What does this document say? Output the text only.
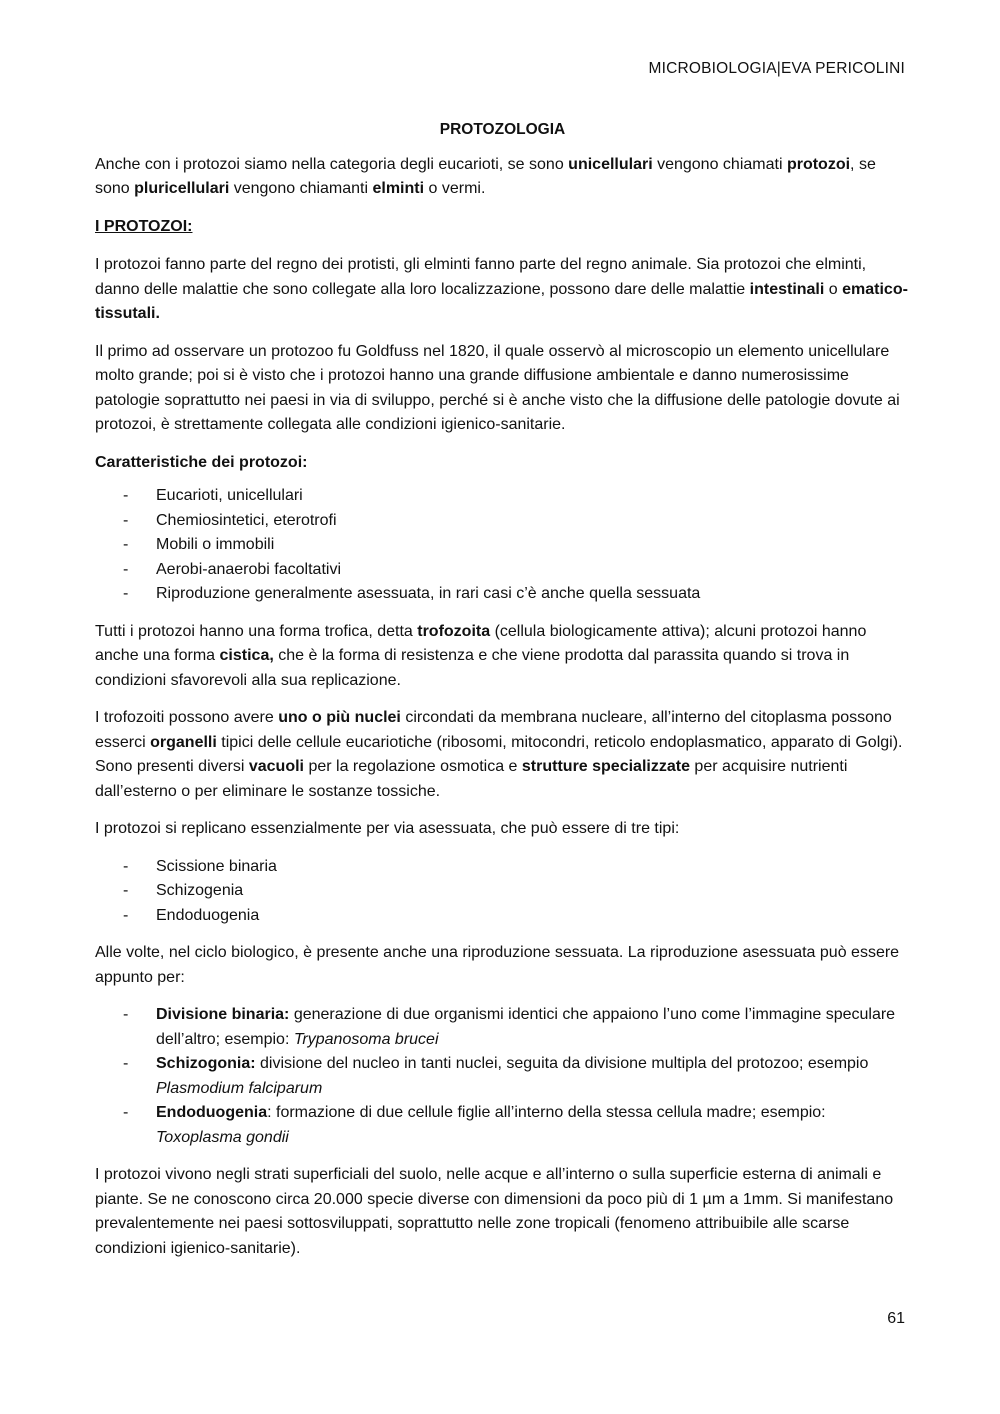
MICROBIOLOGIA|EVA PERICOLINI
PROTOZOLOGIA

Anche con i protozoi siamo nella categoria degli eucarioti, se sono unicellulari vengono chiamati protozoi, se sono pluricellulari vengono chiamanti elminti o vermi.

I PROTOZOI:

I protozoi fanno parte del regno dei protisti, gli elminti fanno parte del regno animale. Sia protozoi che elminti, danno delle malattie che sono collegate alla loro localizzazione, possono dare delle malattie intestinali o ematico-tissutali.

Il primo ad osservare un protozoo fu Goldfuss nel 1820, il quale osservò al microscopio un elemento unicellulare molto grande; poi si è visto che i protozoi hanno una grande diffusione ambientale e danno numerosissime patologie soprattutto nei paesi in via di sviluppo, perché si è anche visto che la diffusione delle patologie dovute ai protozoi, è strettamente collegata alle condizioni igienico-sanitarie.

Caratteristiche dei protozoi:
- Eucarioti, unicellulari
- Chemiosintetici, eterotrofi
- Mobili o immobili
- Aerobi-anaerobi facoltativi
- Riproduzione generalmente asessuata, in rari casi c’è anche quella sessuata

Tutti i protozoi hanno una forma trofica, detta trofozoita (cellula biologicamente attiva); alcuni protozoi hanno anche una forma cistica, che è la forma di resistenza e che viene prodotta dal parassita quando si trova in condizioni sfavorevoli alla sua replicazione.

I trofozoiti possono avere uno o più nuclei circondati da membrana nucleare, all’interno del citoplasma possono esserci organelli tipici delle cellule eucariotiche (ribosomi, mitocondri, reticolo endoplasmatico, apparato di Golgi). Sono presenti diversi vacuoli per la regolazione osmotica e strutture specializzate per acquisire nutrienti dall’esterno o per eliminare le sostanze tossiche.

I protozoi si replicano essenzialmente per via asessuata, che può essere di tre tipi:

- Scissione binaria
- Schizogenia
- Endoduogenia

Alle volte, nel ciclo biologico, è presente anche una riproduzione sessuata. La riproduzione asessuata può essere appunto per:

- Divisione binaria: generazione di due organismi identici che appaiono l’uno come l’immagine speculare dell’altro; esempio: Trypanosoma brucei
- Schizogonia: divisione del nucleo in tanti nuclei, seguita da divisione multipla del protozoo; esempio Plasmodium falciparum
- Endoduogenia: formazione di due cellule figlie all’interno della stessa cellula madre; esempio: Toxoplasma gondii

I protozoi vivono negli strati superficiali del suolo, nelle acque e all’interno o sulla superficie esterna di animali e piante. Se ne conoscono circa 20.000 specie diverse con dimensioni da poco più di 1 µm a 1mm. Si manifestano prevalentemente nei paesi sottosviluppati, soprattutto nelle zone tropicali (fenomeno attribuibile alle scarse condizioni igienico-sanitarie).

61
